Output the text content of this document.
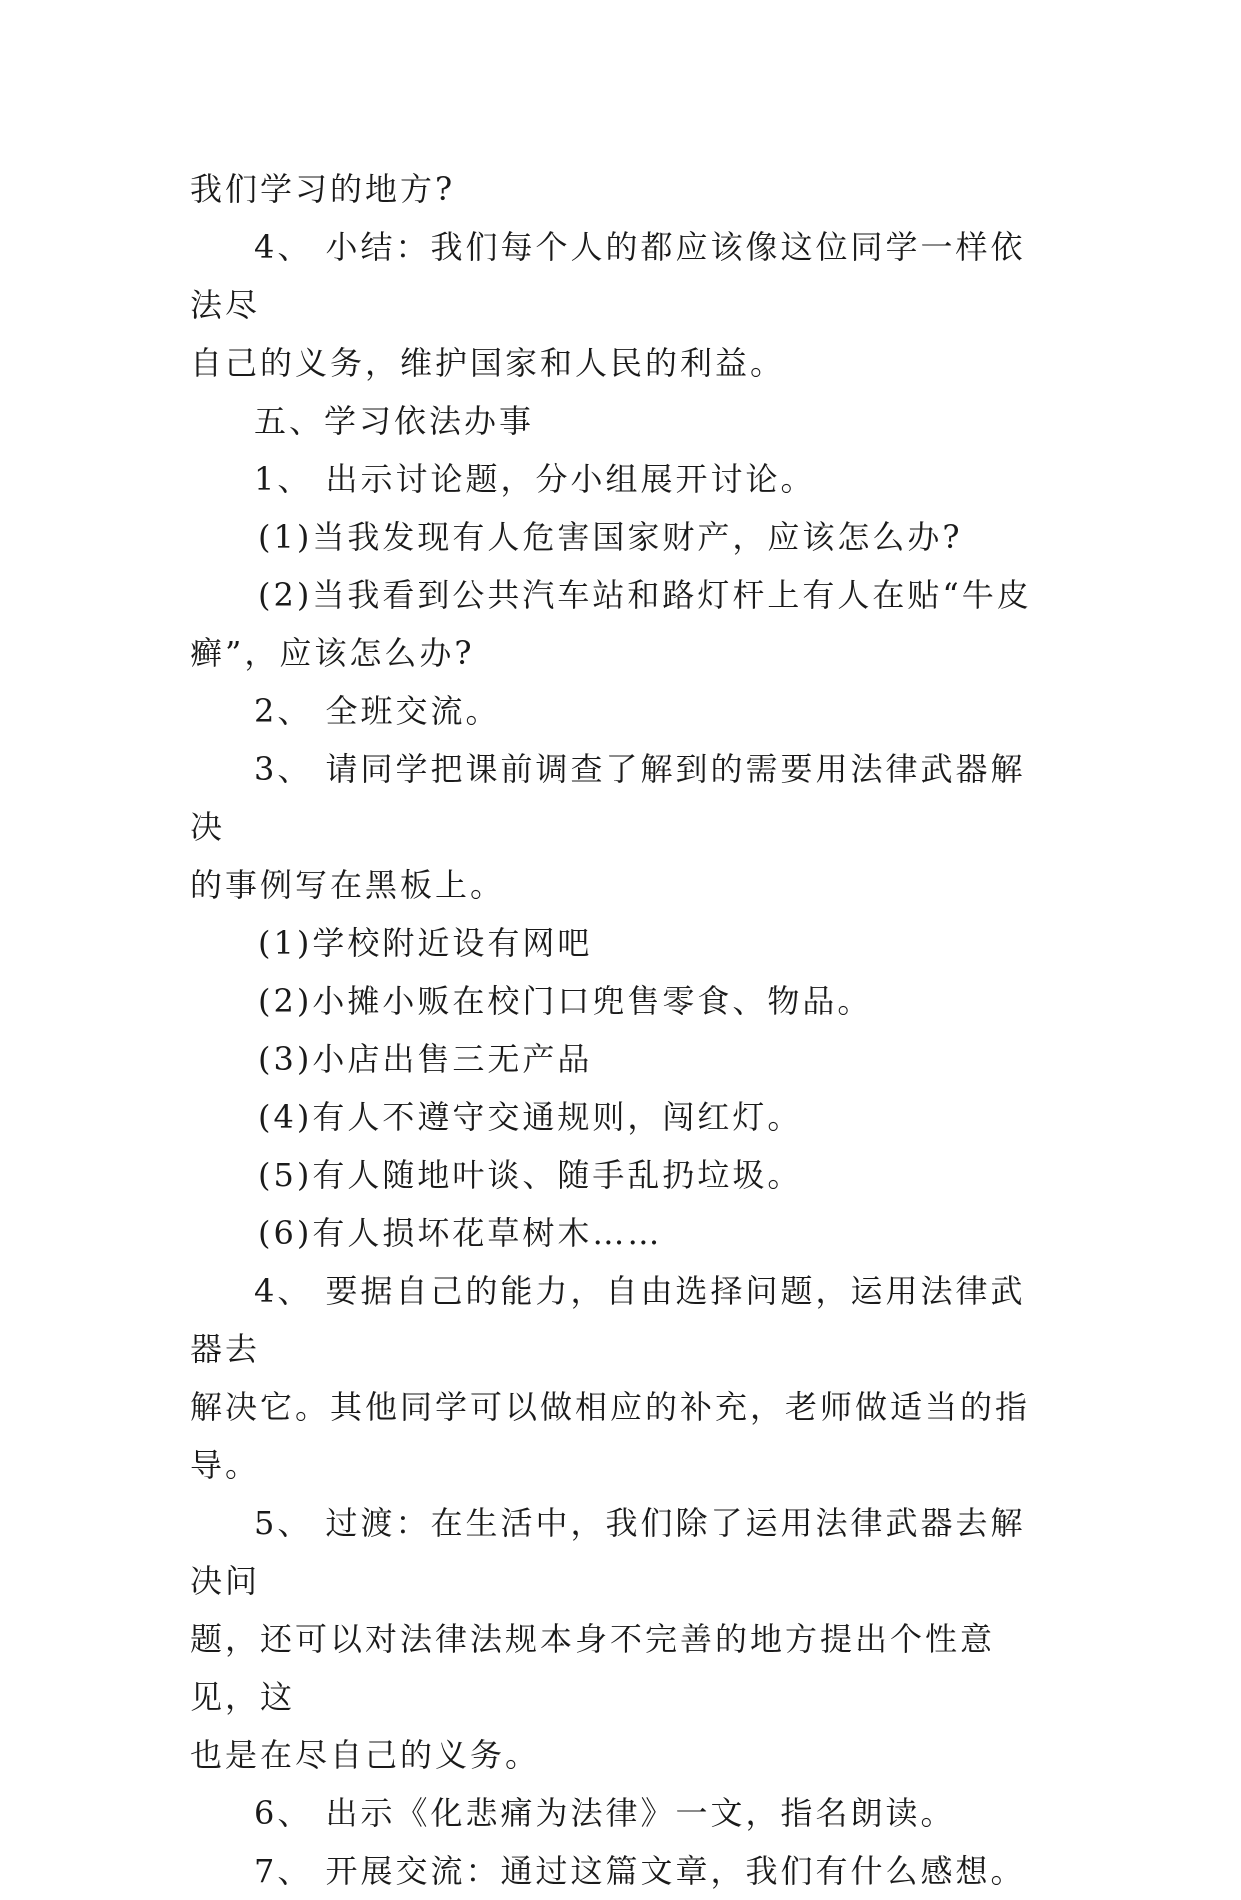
我们学习的地方?

4、 小结：我们每个人的都应该像这位同学一样依法尽
自己的义务，维护国家和人民的利益。

五、学习依法办事

1、 出示讨论题，分小组展开讨论。

(1)当我发现有人危害国家财产，应该怎么办?

(2)当我看到公共汽车站和路灯杆上有人在贴“牛皮
癣”，应该怎么办?

2、 全班交流。

3、 请同学把课前调查了解到的需要用法律武器解决
的事例写在黑板上。

(1)学校附近设有网吧

(2)小摊小贩在校门口兜售零食、物品。

(3)小店出售三无产品

(4)有人不遵守交通规则，闯红灯。

(5)有人随地叶谈、随手乱扔垃圾。

(6)有人损坏花草树木……

4、 要据自己的能力，自由选择问题，运用法律武器去
解决它。其他同学可以做相应的补充，老师做适当的指导。

5、 过渡：在生活中，我们除了运用法律武器去解决问
题，还可以对法律法规本身不完善的地方提出个性意见，这
也是在尽自己的义务。

6、 出示《化悲痛为法律》一文，指名朗读。

7、 开展交流：通过这篇文章，我们有什么感想。
